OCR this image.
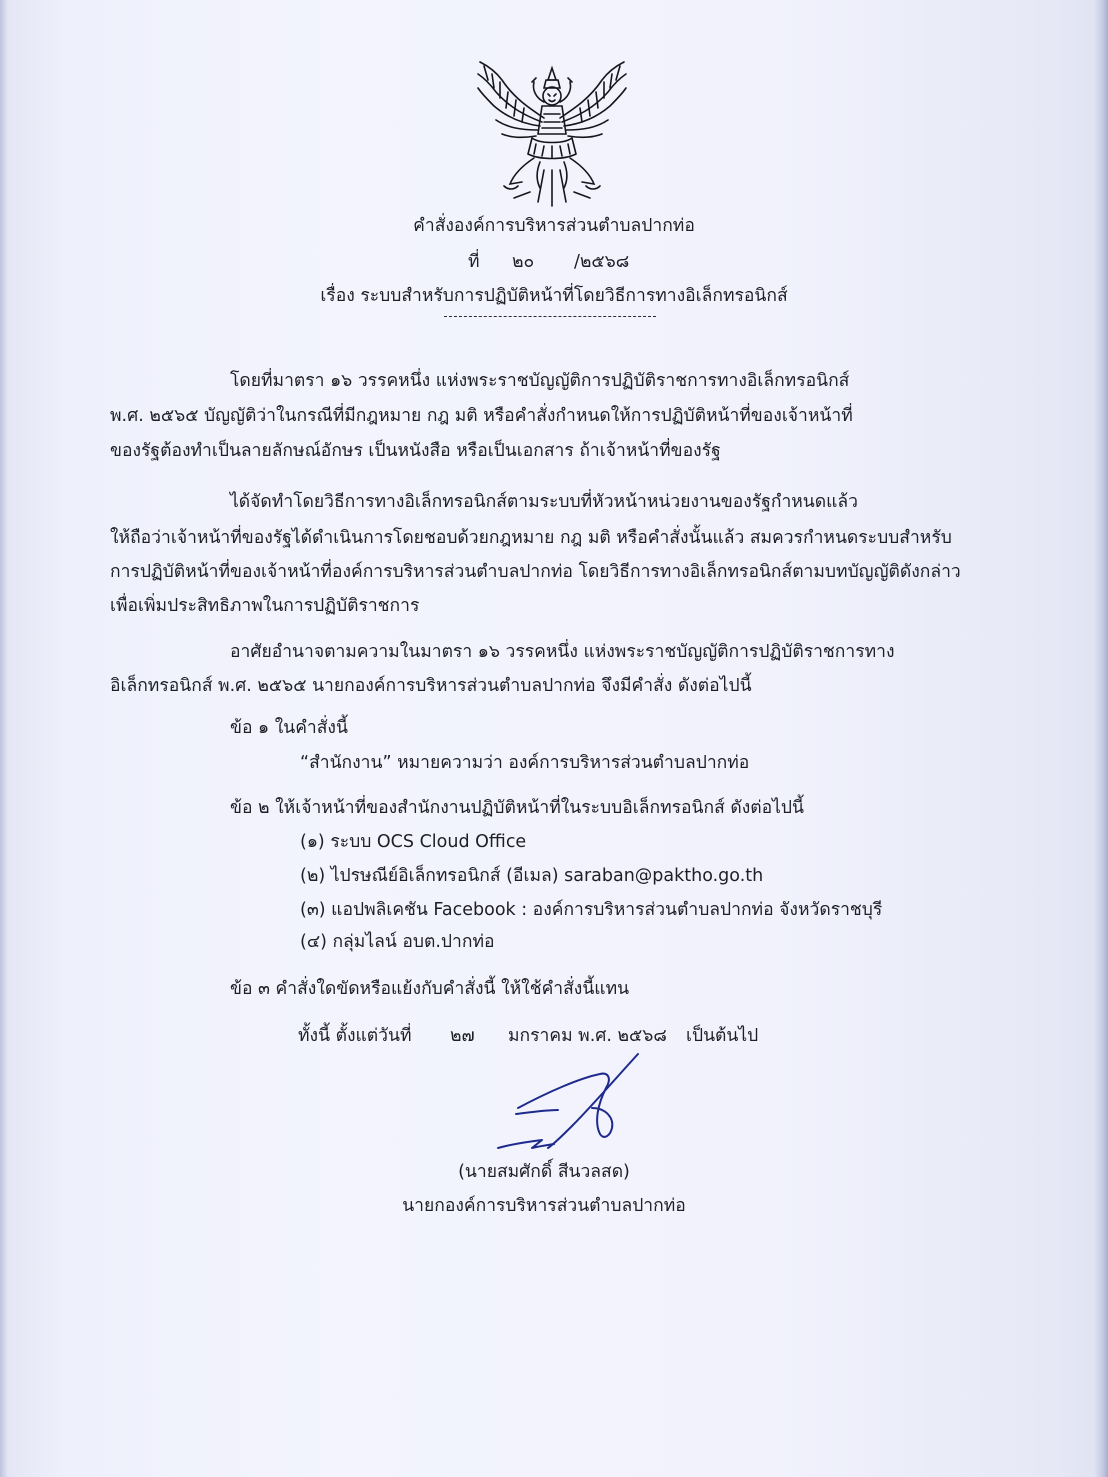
คำสั่งองค์การบริหารส่วนตำบลปากท่อ
ที่ ๒๐ /๒๕๖๘
เรื่อง ระบบสำหรับการปฏิบัติหน้าที่โดยวิธีการทางอิเล็กทรอนิกส์
โดยที่มาตรา ๑๖ วรรคหนึ่ง แห่งพระราชบัญญัติการปฏิบัติราชการทางอิเล็กทรอนิกส์
พ.ศ. ๒๕๖๕ บัญญัติว่าในกรณีที่มีกฎหมาย กฎ มติ หรือคำสั่งกำหนดให้การปฏิบัติหน้าที่ของเจ้าหน้าที่
ของรัฐต้องทำเป็นลายลักษณ์อักษร เป็นหนังสือ หรือเป็นเอกสาร ถ้าเจ้าหน้าที่ของรัฐ
ได้จัดทำโดยวิธีการทางอิเล็กทรอนิกส์ตามระบบที่หัวหน้าหน่วยงานของรัฐกำหนดแล้ว
ให้ถือว่าเจ้าหน้าที่ของรัฐได้ดำเนินการโดยชอบด้วยกฎหมาย กฎ มติ หรือคำสั่งนั้นแล้ว สมควรกำหนดระบบสำหรับ
การปฏิบัติหน้าที่ของเจ้าหน้าที่องค์การบริหารส่วนตำบลปากท่อ โดยวิธีการทางอิเล็กทรอนิกส์ตามบทบัญญัติดังกล่าว
เพื่อเพิ่มประสิทธิภาพในการปฏิบัติราชการ
อาศัยอำนาจตามความในมาตรา ๑๖ วรรคหนึ่ง แห่งพระราชบัญญัติการปฏิบัติราชการทาง
อิเล็กทรอนิกส์ พ.ศ. ๒๕๖๕ นายกองค์การบริหารส่วนตำบลปากท่อ จึงมีคำสั่ง ดังต่อไปนี้
ข้อ ๑ ในคำสั่งนี้
“สำนักงาน” หมายความว่า องค์การบริหารส่วนตำบลปากท่อ
ข้อ ๒ ให้เจ้าหน้าที่ของสำนักงานปฏิบัติหน้าที่ในระบบอิเล็กทรอนิกส์ ดังต่อไปนี้
(๑) ระบบ OCS Cloud Office
(๒) ไปรษณีย์อิเล็กทรอนิกส์ (อีเมล) saraban@paktho.go.th
(๓) แอปพลิเคชัน Facebook : องค์การบริหารส่วนตำบลปากท่อ จังหวัดราชบุรี
(๔) กลุ่มไลน์ อบต.ปากท่อ
ข้อ ๓ คำสั่งใดขัดหรือแย้งกับคำสั่งนี้ ให้ใช้คำสั่งนี้แทน
ทั้งนี้ ตั้งแต่วันที่ ๒๗ มกราคม พ.ศ. ๒๕๖๘ เป็นต้นไป
(นายสมศักดิ์ สีนวลสด)
นายกองค์การบริหารส่วนตำบลปากท่อ
